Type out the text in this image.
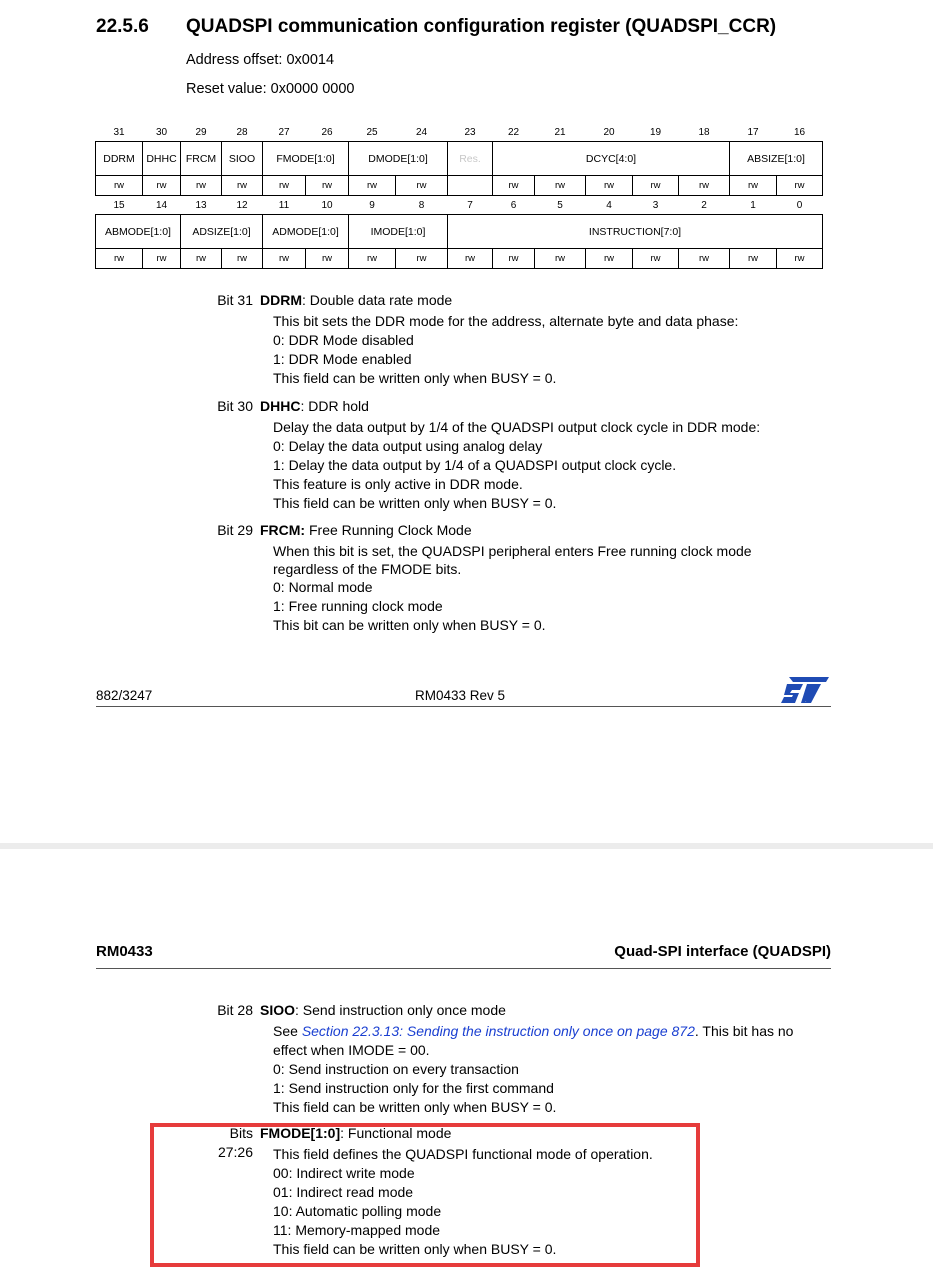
22.5.6 QUADSPI communication configuration register (QUADSPI_CCR)
Address offset: 0x0014
Reset value: 0x0000 0000
31	30	29	28	27	26	25	24	23	22	21	20	19	18	17	16
DDRM	DHHC	FRCM	SIOO	FMODE[1:0]		DMODE[1:0]		Res.	DCYC[4:0]					ABSIZE[1:0]	
rw	rw	rw	rw	rw	rw	rw	rw		rw	rw	rw	rw	rw	rw	rw
15	14	13	12	11	10	9	8	7	6	5	4	3	2	1	0
ABMODE[1:0]		ADSIZE[1:0]		ADMODE[1:0]		IMODE[1:0]		INSTRUCTION[7:0]							
rw	rw	rw	rw	rw	rw	rw	rw	rw	rw	rw	rw	rw	rw	rw	rw
Bit 31 DDRM: Double data rate mode
This bit sets the DDR mode for the address, alternate byte and data phase:
0: DDR Mode disabled
1: DDR Mode enabled
This field can be written only when BUSY = 0.
Bit 30 DHHC: DDR hold
Delay the data output by 1/4 of the QUADSPI output clock cycle in DDR mode:
0: Delay the data output using analog delay
1: Delay the data output by 1/4 of a QUADSPI output clock cycle.
This feature is only active in DDR mode.
This field can be written only when BUSY = 0.
Bit 29 FRCM: Free Running Clock Mode
When this bit is set, the QUADSPI peripheral enters Free running clock mode regardless of the FMODE bits.
0: Normal mode
1: Free running clock mode
This bit can be written only when BUSY = 0.
882/3247	RM0433 Rev 5	ST
RM0433	Quad-SPI interface (QUADSPI)
Bit 28 SIOO: Send instruction only once mode
See Section 22.3.13: Sending the instruction only once on page 872. This bit has no effect when IMODE = 00.
0: Send instruction on every transaction
1: Send instruction only for the first command
This field can be written only when BUSY = 0.
Bits 27:26
FMODE[1:0]: Functional mode
This field defines the QUADSPI functional mode of operation.
00: Indirect write mode
01: Indirect read mode
10: Automatic polling mode
11: Memory-mapped mode
This field can be written only when BUSY = 0.
